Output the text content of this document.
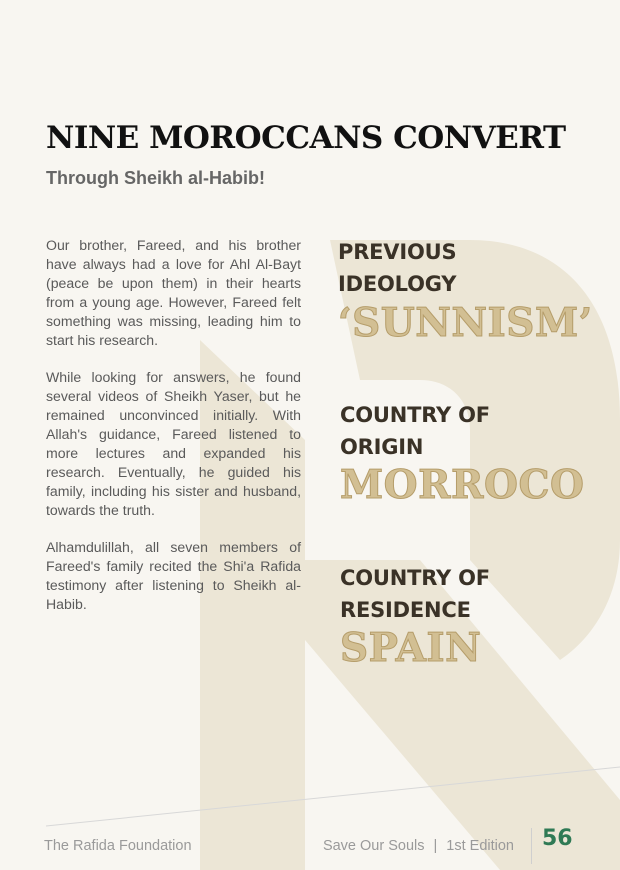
NINE MOROCCANS CONVERT
Through Sheikh al-Habib!

Our brother, Fareed, and his brother have always had a love for Ahl Al-Bayt (peace be upon them) in their hearts from a young age. However, Fareed felt something was missing, leading him to start his research.

While looking for answers, he found several videos of Sheikh Yaser, but he remained unconvinced initially. With Allah's guidance, Fareed listened to more lectures and expanded his research. Eventually, he guided his family, including his sister and husband, towards the truth.

Alhamdulillah, all seven members of Fareed's family recited the Shi'a Rafida testimony after listening to Sheikh al-Habib.

PREVIOUS

IDEOLOGY

‘SUNNISM’

COUNTRY OF

ORIGIN

MORROCO

COUNTRY OF

RESIDENCE

SPAIN

The Rafida Foundation	Save Our Souls | 1st Edition 56
